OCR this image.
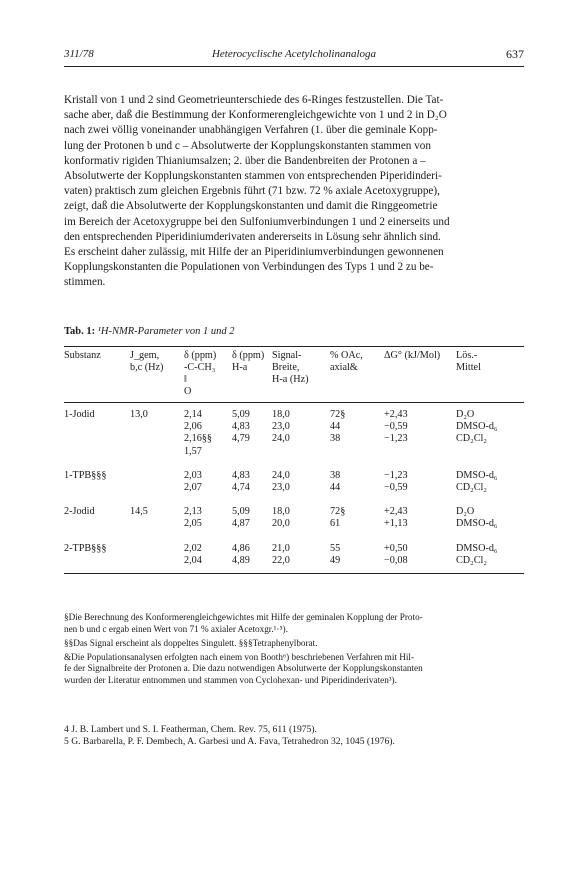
311/78	Heterocyclische Acetylcholinanaloga	637

Kristall von 1 und 2 sind Geometrieunterschiede des 6-Ringes festzustellen. Die Tat-

sache aber, daß die Bestimmung der Konformerengleichgewichte von 1 und 2 in D₂O

nach zwei völlig voneinander unabhängigen Verfahren (1. über die geminale Kopp-

lung der Protonen b und c – Absolutwerte der Kopplungskonstanten stammen von

konformativ rigiden Thianiumsalzen; 2. über die Bandenbreiten der Protonen a –

Absolutwerte der Kopplungskonstanten stammen von entsprechenden Piperidinderi-

vaten) praktisch zum gleichen Ergebnis führt (71 bzw. 72 % axiale Acetoxygruppe),

zeigt, daß die Absolutwerte der Kopplungskonstanten und damit die Ringgeometrie

im Bereich der Acetoxygruppe bei den Sulfoniumverbindungen 1 und 2 einerseits und

den entsprechenden Piperidiniumderivaten andererseits in Lösung sehr ähnlich sind.

Es erscheint daher zulässig, mit Hilfe der an Piperidiniumverbindungen gewonnenen

Kopplungskonstanten die Populationen von Verbindungen des Typs 1 und 2 zu be-

stimmen.

Tab. 1: ¹H-NMR-Parameter von 1 und 2
Substanz	J_gem,
b,c (Hz)	δ (ppm)
-C-CH₃
‖
O	δ (ppm)
H-a	Signal-
Breite,
H-a (Hz)	% OAc,
axial&	ΔG° (kJ/Mol)	Lös.-
Mittel
1-Jodid	13,0	2,14	5,09	18,0	72§	+2,43	D₂O
		2,06	4,83	23,0	44	−0,59	DMSO-d₆
		2,16§§	4,79	24,0	38	−1,23	CD₂Cl₂
		1,57					
1-TPB§§§		2,03	4,83	24,0	38	−1,23	DMSO-d₆
		2,07	4,74	23,0	44	−0,59	CD₂Cl₂
2-Jodid	14,5	2,13	5,09	18,0	72§	+2,43	D₂O
		2,05	4,87	20,0	61	+1,13	DMSO-d₆
2-TPB§§§		2,02	4,86	21,0	55	+0,50	DMSO-d₆
		2,04	4,89	22,0	49	−0,08	CD₂Cl₂

§Die Berechnung des Konformerengleichgewichtes mit Hilfe der geminalen Kopplung der Proto-
nen b und c ergab einen Wert von 71 % axialer Acetoxgr.¹·⁵).

§§Das Signal erscheint als doppeltes Singulett. §§§Tetraphenylborat.

&Die Populationsanalysen erfolgten nach einem von Booth⁶) beschriebenen Verfahren mit Hil-
fe der Signalbreite der Protonen a. Die dazu notwendigen Absolutwerte der Kopplungskonstanten
wurden der Literatur entnommen und stammen von Cyclohexan- und Piperidinderivaten³).

4 J. B. Lambert und S. I. Featherman, Chem. Rev. 75, 611 (1975).

5 G. Barbarella, P. F. Dembech, A. Garbesi und A. Fava, Tetrahedron 32, 1045 (1976).
